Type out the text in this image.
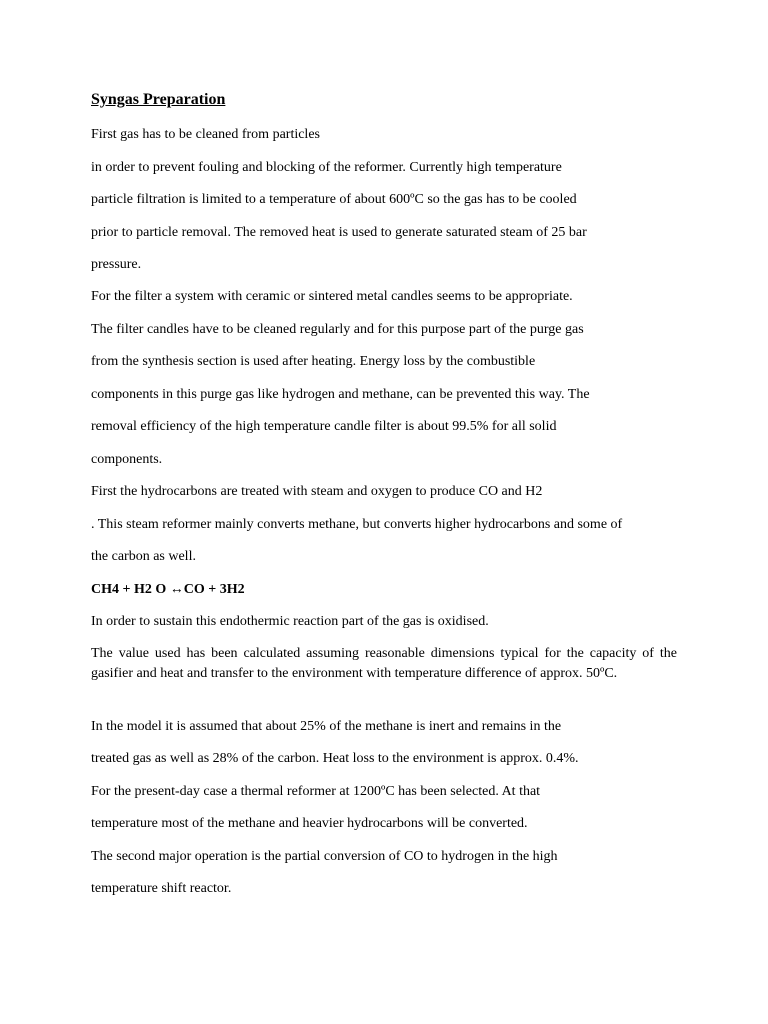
Syngas Preparation
First gas has to be cleaned from particles
in order to prevent fouling and blocking of the reformer. Currently high temperature
particle filtration is limited to a temperature of about 600ºC so the gas has to be cooled
prior to particle removal. The removed heat is used to generate saturated steam of 25 bar
pressure.
For the filter a system with ceramic or sintered metal candles seems to be appropriate.
The filter candles have to be cleaned regularly and for this purpose part of the purge gas
from the synthesis section is used after heating. Energy loss by the combustible
components in this purge gas like hydrogen and methane, can be prevented this way. The
removal efficiency of the high temperature candle filter is about 99.5% for all solid
components.
First the hydrocarbons are treated with steam and oxygen to produce CO and H2
. This steam reformer mainly converts methane, but converts higher hydrocarbons and some of
the carbon as well.
CH4 + H2 O ↔CO + 3H2
In order to sustain this endothermic reaction part of the gas is oxidised.
The value used has been calculated assuming reasonable dimensions typical for the capacity of the gasifier and heat and transfer to the environment with temperature difference of approx. 50ºC.
In the model it is assumed that about 25% of the methane is inert and remains in the
treated gas as well as 28% of the carbon. Heat loss to the environment is approx. 0.4%.
For the present-day case a thermal reformer at 1200ºC has been selected. At that
temperature most of the methane and heavier hydrocarbons will be converted.
The second major operation is the partial conversion of CO to hydrogen in the high
temperature shift reactor.
